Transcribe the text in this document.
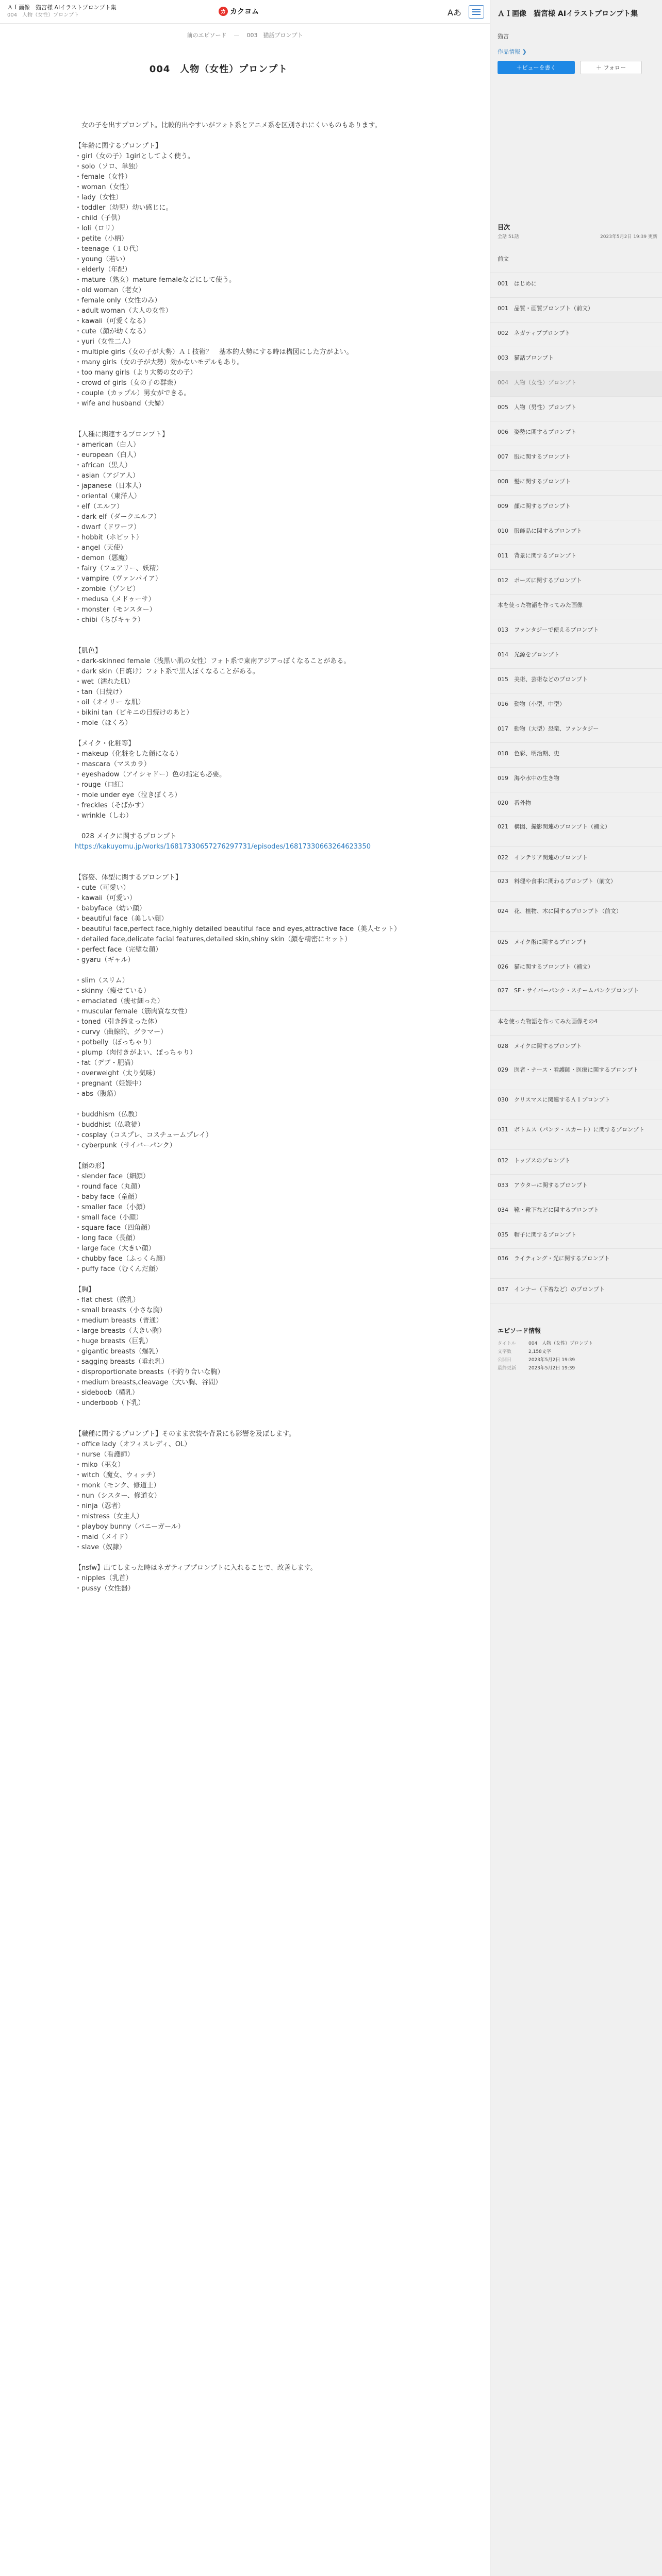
ＡＩ画像　猫宮様 AIイラストプロンプト集
004　人物（女性）プロンプト
カ カクヨム	Aあ
前のエピソード — 003　猫話プロンプト
004　人物（女性）プロンプト

　女の子を出すプロンプト。比較的出やすいがフォト系とアニメ系を区別されにくいものもあります。

【年齢に関するプロンプト】

・girl（女の子）1girlとしてよく使う。

・solo（ソロ、単独）

・female（女性）

・woman（女性）

・lady（女性）

・toddler（幼児）幼い感じに。

・child（子供）

・loli（ロリ）

・petite（小柄）

・teenage（１０代）

・young（若い）

・elderly（年配）

・mature（熟女）mature femaleなどにして使う。

・old woman（老女）

・female only（女性のみ）

・adult woman（大人の女性）

・kawaii（可愛くなる）

・cute（顔が幼くなる）

・yuri（女性二人）

・multiple girls（女の子が大勢）ＡＩ技術？　基本的大勢にする時は構図にした方がよい。

・many girls（女の子が大勢）効かないモデルもあり。

・too many girls（より大勢の女の子）

・crowd of girls（女の子の群衆）

・couple（カップル）男女ができる。

・wife and husband（夫婦）

【人種に関連するプロンプト】

・american（白人）

・european（白人）

・african（黒人）

・asian（アジア人）

・japanese（日本人）

・oriental（東洋人）

・elf（エルフ）

・dark elf（ダークエルフ）

・dwarf（ドワーフ）

・hobbit（ホビット）

・angel（天使）

・demon（悪魔）

・fairy（フェアリー、妖精）

・vampire（ヴァンパイア）

・zombie（ゾンビ）

・medusa（メドゥーサ）

・monster（モンスター）

・chibi（ちびキャラ）

【肌色】

・dark-skinned female（浅黒い肌の女性）フォト系で東南アジアっぽくなることがある。

・dark skin（日焼け）フォト系で黒人ぽくなることがある。

・wet（濡れた肌）

・tan（日焼け）

・oil（オイリー な肌）

・bikini tan（ビキニの日焼けのあと）

・mole（ほくろ）

【メイク・化粧等】

・makeup（化粧をした顔になる）

・mascara（マスカラ）

・eyeshadow（アイシャドー）色の指定も必要。

・rouge（口紅）

・mole under eye（泣きぼくろ）

・freckles（そばかす）

・wrinkle（しわ）

　028 メイクに関するプロンプト

https://kakuyomu.jp/works/16817330657276297731/episodes/16817330663264623350

【容姿、体型に関するプロンプト】

・cute（可愛い）

・kawaii（可愛い）

・babyface（幼い顔）

・beautiful face（美しい顔）

・beautiful face,perfect face,highly detailed beautiful face and eyes,attractive face（美人セット）

・detailed face,delicate facial features,detailed skin,shiny skin（顔を精密にセット）

・perfect face（完璧な顔）

・gyaru（ギャル）

・slim（スリム）

・skinny（痩せている）

・emaciated（痩せ細った）

・muscular female（筋肉質な女性）

・toned（引き締まった体）

・curvy（曲線的、グラマー）

・potbelly（ぽっちゃり）

・plump（肉付きがよい、ぽっちゃり）

・fat（デブ・肥満）

・overweight（太り気味）

・pregnant（妊娠中）

・abs（腹筋）

・buddhism（仏教）

・buddhist（仏教徒）

・cosplay（コスプレ、コスチュームプレイ）

・cyberpunk（サイバーパンク）

【顔の形】

・slender face（細顔）

・round face（丸顔）

・baby face（童顔）

・smaller face（小顔）

・small face（小顔）

・square face（四角顔）

・long face（長顔）

・large face（大きい顔）

・chubby face（ふっくら顔）

・puffy face（むくんだ顔）

【胸】

・flat chest（微乳）

・small breasts（小さな胸）

・medium breasts（普通）

・large breasts（大きい胸）

・huge breasts（巨乳）

・gigantic breasts（爆乳）

・sagging breasts（垂れ乳）

・disproportionate breasts（不釣り合いな胸）

・medium breasts,cleavage（大い胸、谷間）

・sideboob（横乳）

・underboob（下乳）

【職種に関するプロンプト】そのまま衣装や背景にも影響を及ぼします。

・office lady（オフィスレディ、OL）

・nurse（看護師）

・miko（巫女）

・witch（魔女、ウィッチ）

・monk（モンク、修道士）

・nun（シスター、修道女）

・ninja（忍者）

・mistress（女主人）

・playboy bunny（バニーガール）

・maid（メイド）

・slave（奴隷）

【nsfw】出てしまった時はネガティブプロンプトに入れることで、改善します。

・nipples（乳首）

・pussy（女性器）

ＡＩ画像　猫宮様 AIイラストプロンプト集
猫宮
作品情報 ❯
＋ビューを書く	＋ フォロー
目次
全話 51話	2023年5月2日 19:39 更新
前文
001　はじめに
001　品質・画質プロンプト（前文）
002　ネガティブプロンプト
003　猫話プロンプト
004　人物（女性）プロンプト
005　人物（男性）プロンプト
006　姿勢に関するプロンプト
007　服に関するプロンプト
008　髪に関するプロンプト
009　顔に関するプロンプト
010　服飾品に関するプロンプト
011　背景に関するプロンプト
012　ポーズに関するプロンプト
本を使った物語を作ってみた画像
013　ファンタジーで使えるプロンプト
014　光源をプロンプト
015　美術、芸術などのプロンプト
016　動物（小型、中型）
017　動物（大型）恐竜、ファンタジー
018　色彩、明治期、史
019　海や水中の生き物
020　番外物
021　構図、撮影関連のプロンプト（補文）
022　インテリア関連のプロンプト
023　料理や食事に関わるプロンプト（前文）
024　花、植物、木に関するプロンプト（前文）
025　メイク術に関するプロンプト
026　猫に関するプロンプト（補文）
027　SF・サイバーパンク・スチームパンクプロンプト
本を使った物語を作ってみた画像その4
028　メイクに関するプロンプト
029　医者・ナース・看護師・医療に関するプロンプト
030　クリスマスに関連するＡＩプロンプト
031　ボトムス（パンツ・スカート）に関するプロンプト
032　トップスのプロンプト
033　アウターに関するプロンプト
034　靴・靴下などに関するプロンプト
035　帽子に関するプロンプト
036　ライティング・光に関するプロンプト
037　インナー（下着など）のプロンプト
エピソード情報
タイトル	004　人物（女性）プロンプト
文字数	2,158文字
公開日	2023年5月2日 19:39
最終更新	2023年5月2日 19:39
